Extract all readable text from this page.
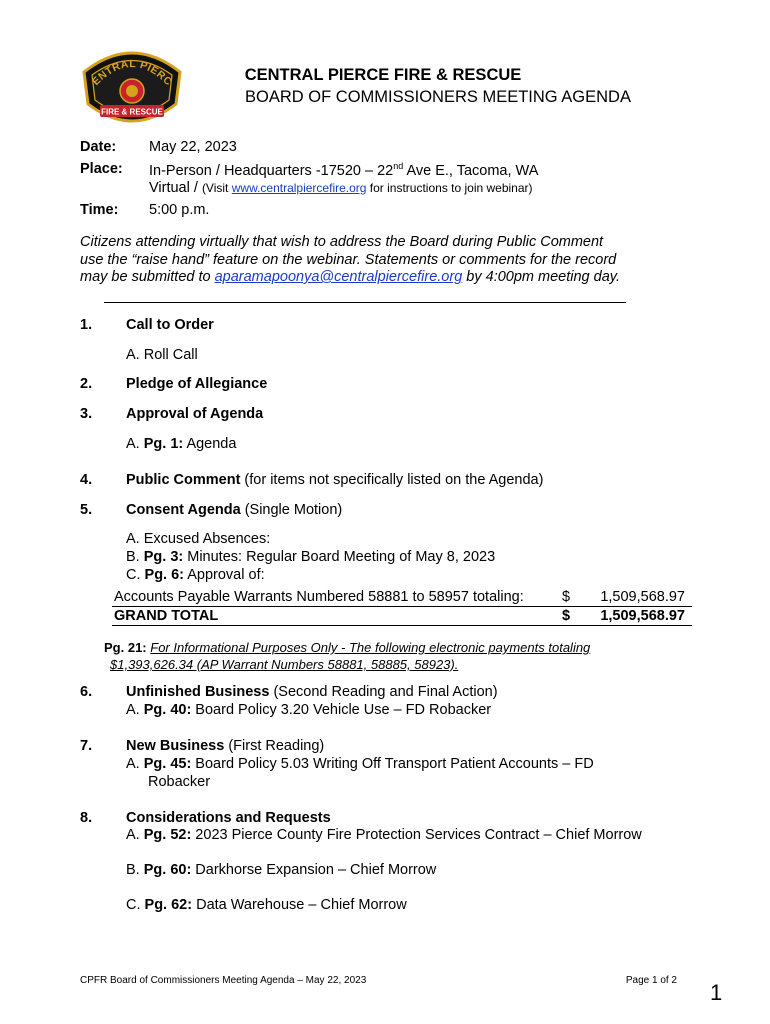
ENTRAL PIERC
FIRE & RESCUE
CENTRAL PIERCE FIRE & RESCUE
BOARD OF COMMISSIONERS MEETING AGENDA
Date: May 22, 2023
Place: In-Person / Headquarters -17520 – 22nd Ave E., Tacoma, WA
Virtual / (Visit www.centralpiercefire.org for instructions to join webinar)
Time: 5:00 p.m.
Citizens attending virtually that wish to address the Board during Public Comment
use the “raise hand” feature on the webinar. Statements or comments for the record
may be submitted to aparamapoonya@centralpiercefire.org by 4:00pm meeting day.
1. Call to Order
A. Roll Call
2. Pledge of Allegiance
3. Approval of Agenda
A. Pg. 1: Agenda
4. Public Comment (for items not specifically listed on the Agenda)
5. Consent Agenda (Single Motion)
A. Excused Absences:
B. Pg. 3: Minutes: Regular Board Meeting of May 8, 2023
C. Pg. 6: Approval of:
Accounts Payable Warrants Numbered 58881 to 58957 totaling:	$	1,509,568.97
GRAND TOTAL	$	1,509,568.97
Pg. 21: For Informational Purposes Only - The following electronic payments totaling
$1,393,626.34 (AP Warrant Numbers 58881, 58885, 58923).
6. Unfinished Business (Second Reading and Final Action)
A. Pg. 40: Board Policy 3.20 Vehicle Use – FD Robacker
7. New Business (First Reading)
A. Pg. 45: Board Policy 5.03 Writing Off Transport Patient Accounts – FD
Robacker
8. Considerations and Requests
A. Pg. 52: 2023 Pierce County Fire Protection Services Contract – Chief Morrow
B. Pg. 60: Darkhorse Expansion – Chief Morrow
C. Pg. 62: Data Warehouse – Chief Morrow
CPFR Board of Commissioners Meeting Agenda – May 22, 2023	Page 1 of 2 1
